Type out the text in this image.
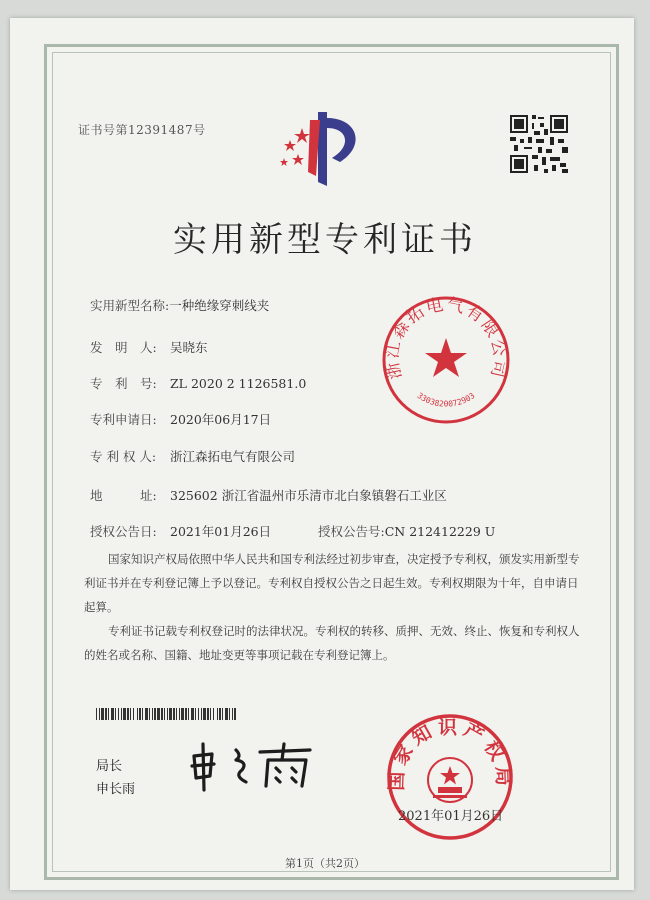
证书号第12391487号
实用新型专利证书
实用新型名称:一种绝缘穿刺线夹
发　明　人: 吴晓东
专　利　号: ZL 2020 2 1126581.0
专利申请日: 2020年06月17日
专 利 权 人: 浙江森拓电气有限公司
地　　　址: 325602 浙江省温州市乐清市北白象镇磐石工业区
授权公告日: 2021年01月26日	授权公告号:CN 212412229 U
国家知识产权局依照中华人民共和国专利法经过初步审查，决定授予专利权，颁发实用新型专利证书并在专利登记簿上予以登记。专利权自授权公告之日起生效。专利权期限为十年，自申请日起算。
专利证书记载专利权登记时的法律状况。专利权的转移、质押、无效、终止、恢复和专利权人的姓名或名称、国籍、地址变更等事项记载在专利登记簿上。
浙江森拓电气有限公司
3303820072903
局长
申长雨	国家知识产权局
2021年01月26日
第1页（共2页）
